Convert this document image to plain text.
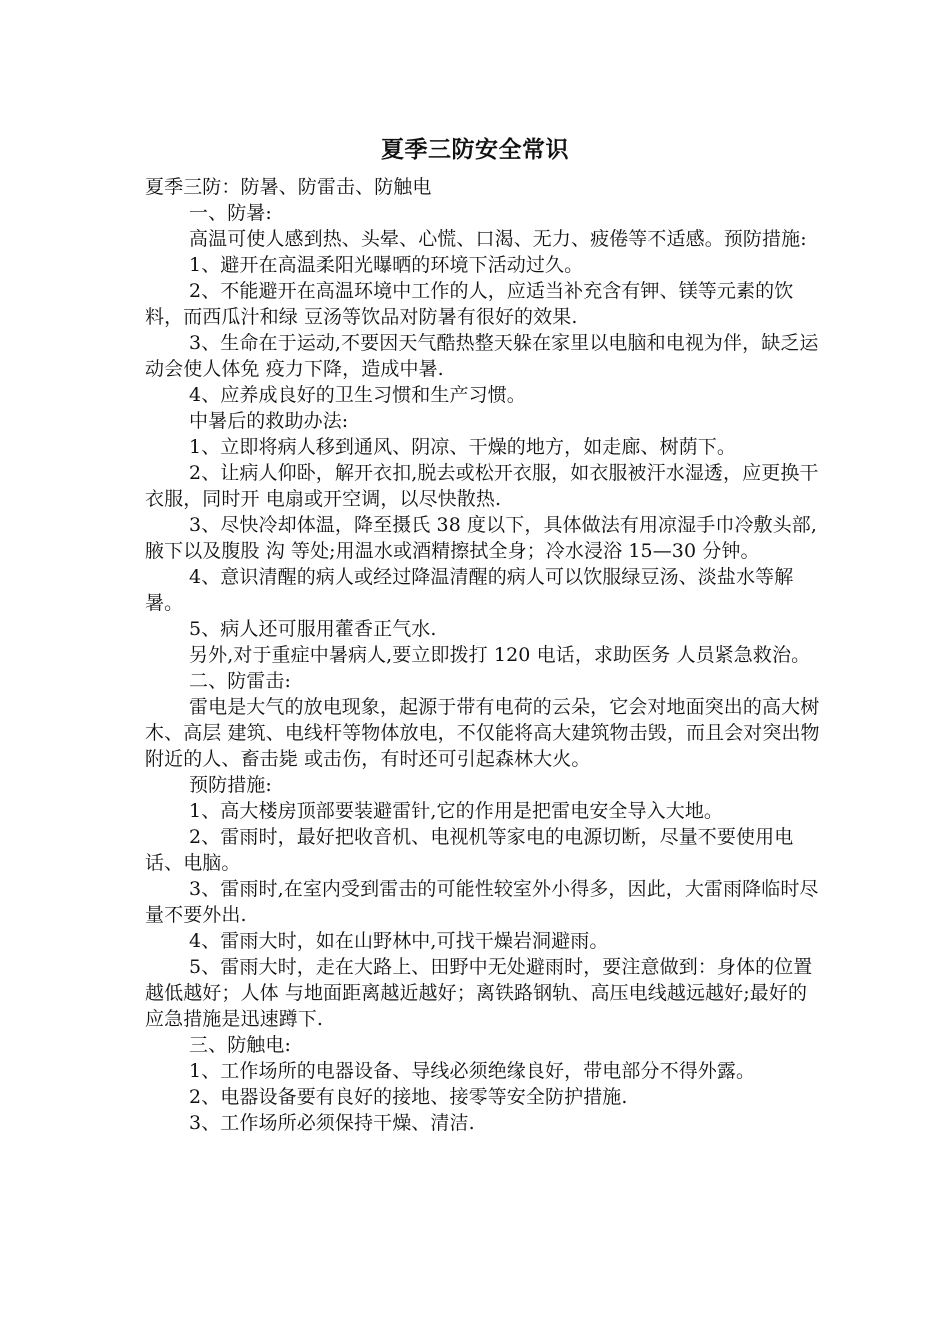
夏季三防安全常识

夏季三防：防暑、防雷击、防触电

一、防暑:

高温可使人感到热、头晕、心慌、口渴、无力、疲倦等不适感。预防措施:

1、避开在高温柔阳光曝晒的环境下活动过久。

2、不能避开在高温环境中工作的人，应适当补充含有钾、镁等元素的饮料，而西瓜汁和绿 豆汤等饮品对防暑有很好的效果.

3、生命在于运动,不要因天气酷热整天躲在家里以电脑和电视为伴，缺乏运动会使人体免 疫力下降，造成中暑.

4、应养成良好的卫生习惯和生产习惯。

中暑后的救助办法:

1、立即将病人移到通风、阴凉、干燥的地方，如走廊、树荫下。

2、让病人仰卧，解开衣扣,脱去或松开衣服，如衣服被汗水湿透，应更换干衣服，同时开 电扇或开空调，以尽快散热.

3、尽快冷却体温，降至摄氏 38 度以下，具体做法有用凉湿手巾冷敷头部,腋下以及腹股 沟 等处;用温水或酒精擦拭全身；冷水浸浴 15—30 分钟。

4、意识清醒的病人或经过降温清醒的病人可以饮服绿豆汤、淡盐水等解暑。

5、病人还可服用藿香正气水.

另外,对于重症中暑病人,要立即拨打 120 电话，求助医务 人员紧急救治。

二、防雷击:

雷电是大气的放电现象，起源于带有电荷的云朵，它会对地面突出的高大树木、高层 建筑、电线杆等物体放电，不仅能将高大建筑物击毁，而且会对突出物附近的人、畜击毙 或击伤，有时还可引起森林大火。

预防措施:

1、高大楼房顶部要装避雷针,它的作用是把雷电安全导入大地。

2、雷雨时，最好把收音机、电视机等家电的电源切断，尽量不要使用电话、电脑。

3、雷雨时,在室内受到雷击的可能性较室外小得多，因此，大雷雨降临时尽量不要外出.

4、雷雨大时，如在山野林中,可找干燥岩洞避雨。

5、雷雨大时，走在大路上、田野中无处避雨时，要注意做到：身体的位置越低越好；人体 与地面距离越近越好；离铁路钢轨、高压电线越远越好;最好的应急措施是迅速蹲下.

三、防触电:

1、工作场所的电器设备、导线必须绝缘良好，带电部分不得外露。

2、电器设备要有良好的接地、接零等安全防护措施.

3、工作场所必须保持干燥、清洁.
